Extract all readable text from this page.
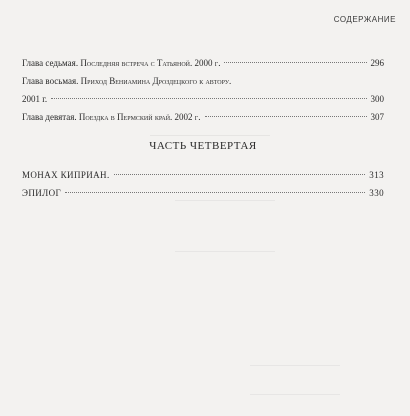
СОДЕРЖАНИЕ
Глава седьмая. Последняя встреча с Татьяной. 2000 г.	296
Глава восьмая. Приход Вениамина Дроздецкого к автору.
2001 г.	300
Глава девятая. Поездка в Пермский край. 2002 г.	307
ЧАСТЬ ЧЕТВЕРТАЯ
МОНАХ КИПРИАН.	313
ЭПИЛОГ	330
